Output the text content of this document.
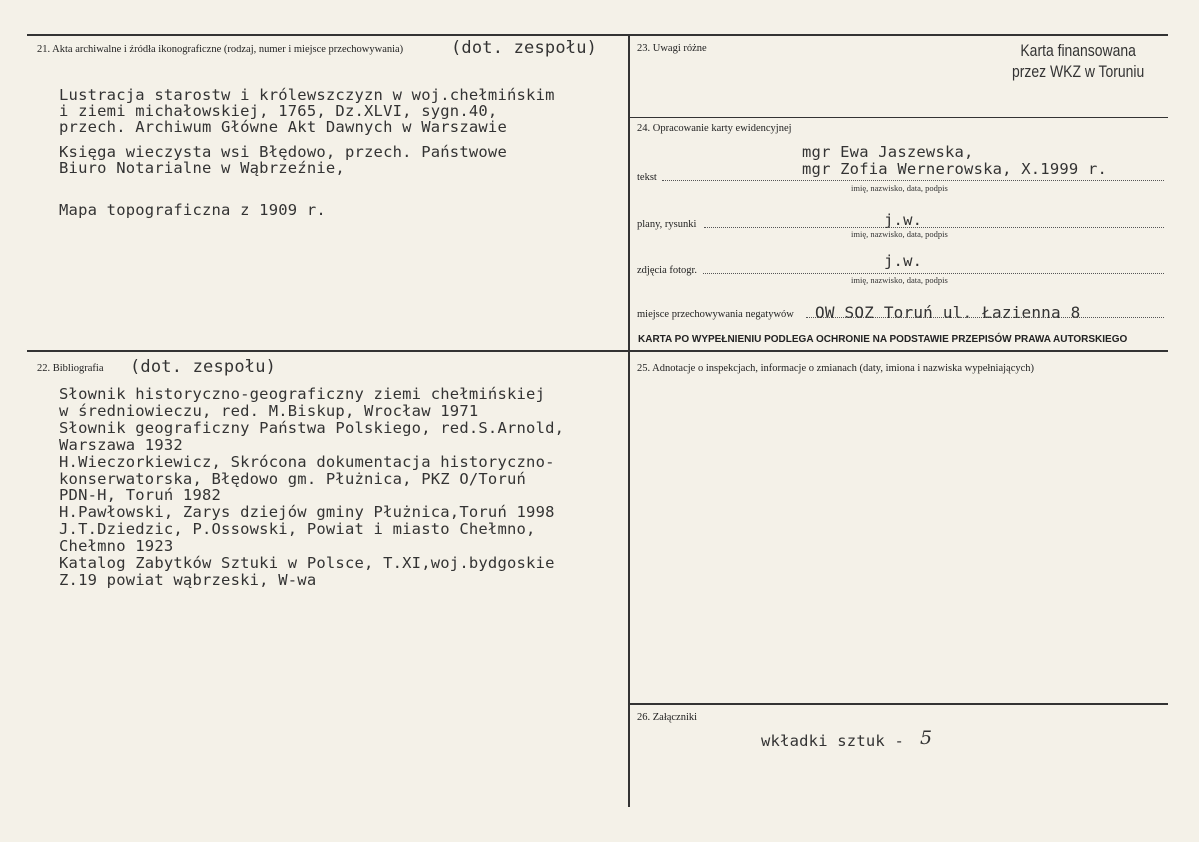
21. Akta archiwalne i źródła ikonograficzne (rodzaj, numer i miejsce przechowywania)	(dot. zespołu)
Lustracja starostw i królewszczyzn w woj.chełmińskim
i ziemi michałowskiej, 1765, Dz.XLVI, sygn.40,
przech. Archiwum Główne Akt Dawnych w Warszawie
Księga wieczysta wsi Błędowo, przech. Państwowe
Biuro Notarialne w Wąbrzeźnie,
Mapa topograficzna z 1909 r.
22. Bibliografia (dot. zespołu)
Słownik historyczno-geograficzny ziemi chełmińskiej
w średniowieczu, red. M.Biskup, Wrocław 1971
Słownik geograficzny Państwa Polskiego, red.S.Arnold,
Warszawa 1932
H.Wieczorkiewicz, Skrócona dokumentacja historyczno-
konserwatorska, Błędowo gm. Płużnica, PKZ O/Toruń
PDN-H, Toruń 1982
H.Pawłowski, Zarys dziejów gminy Płużnica,Toruń 1998
J.T.Dziedzic, P.Ossowski, Powiat i miasto Chełmno,
Chełmno 1923
Katalog Zabytków Sztuki w Polsce, T.XI,woj.bydgoskie
Z.19 powiat wąbrzeski, W-wa
23. Uwagi różne	Karta finansowana
przez WKZ w Toruniu
24. Opracowanie karty ewidencyjnej
mgr Ewa Jaszewska,
mgr Zofia Wernerowska, X.1999 r.
tekst
imię, nazwisko, data, podpis
j.w.
plany, rysunki
imię, nazwisko, data, podpis
j.w.
zdjęcia fotogr.
imię, nazwisko, data, podpis
miejsce przechowywania negatywów OW SOZ Toruń ul. Łazienna 8
KARTA PO WYPEŁNIENIU PODLEGA OCHRONIE NA PODSTAWIE PRZEPISÓW PRAWA AUTORSKIEGO
25. Adnotacje o inspekcjach, informacje o zmianach (daty, imiona i nazwiska wypełniających)
26. Załączniki
wkładki sztuk - 5
